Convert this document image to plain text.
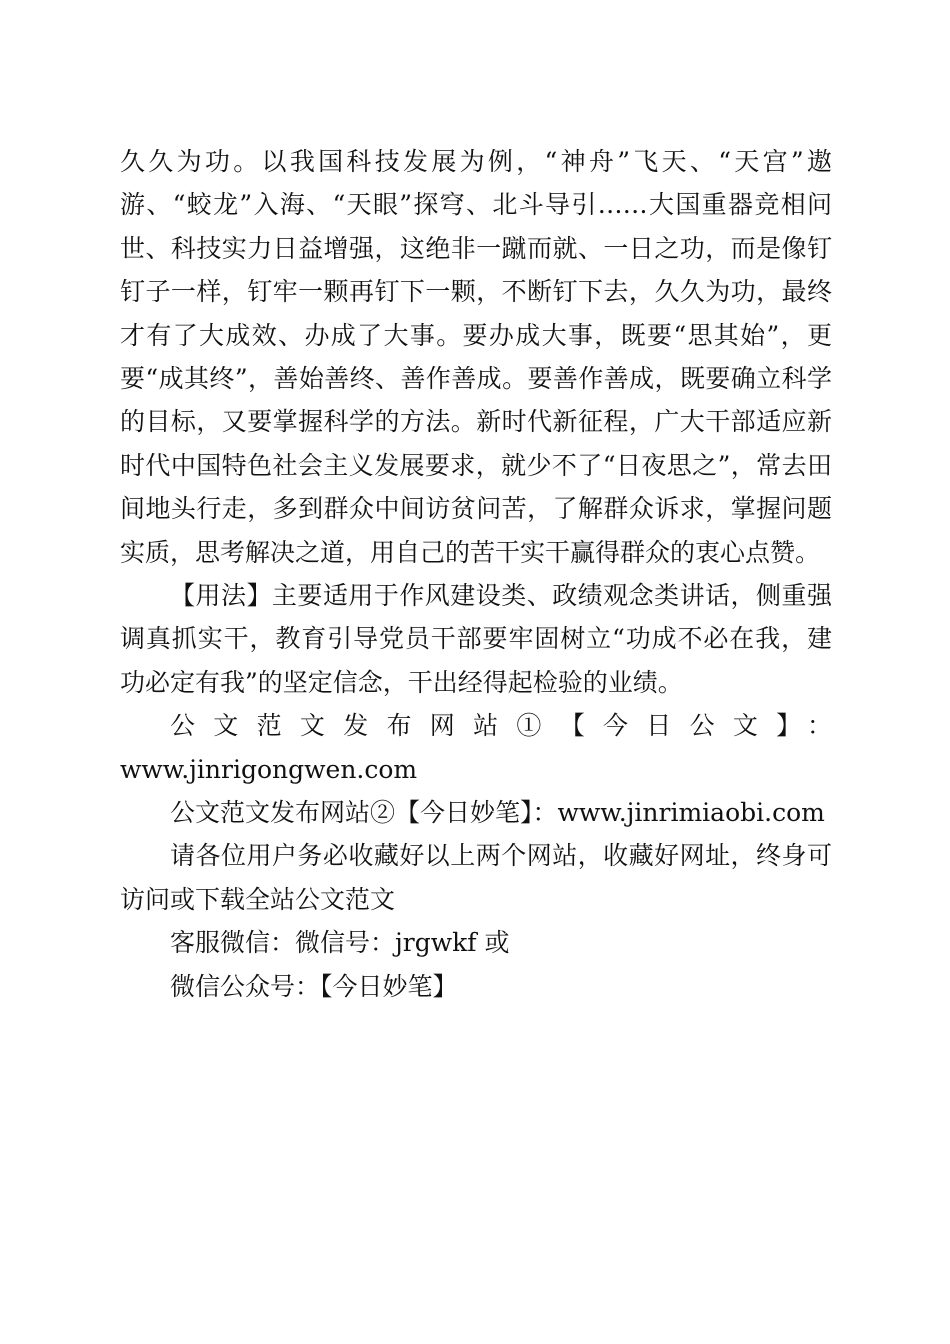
久久为功。以我国科技发展为例，“神舟”飞天、“天宫”遨游、“蛟龙”入海、“天眼”探穹、北斗导引……大国重器竞相问世、科技实力日益增强，这绝非一蹴而就、一日之功，而是像钉钉子一样，钉牢一颗再钉下一颗，不断钉下去，久久为功，最终才有了大成效、办成了大事。要办成大事，既要“思其始”，更要“成其终”，善始善终、善作善成。要善作善成，既要确立科学的目标，又要掌握科学的方法。新时代新征程，广大干部适应新时代中国特色社会主义发展要求，就少不了“日夜思之”，常去田间地头行走，多到群众中间访贫问苦，了解群众诉求，掌握问题实质，思考解决之道，用自己的苦干实干赢得群众的衷心点赞。

【用法】主要适用于作风建设类、政绩观念类讲话，侧重强调真抓实干，教育引导党员干部要牢固树立“功成不必在我，建功必定有我”的坚定信念，干出经得起检验的业绩。

公文范文发布网站①【今日公文】：
www.jinrigongwen.com
公文范文发布网站②【今日妙笔】：www.jinrimiaobi.com

请各位用户务必收藏好以上两个网站，收藏好网址，终身可访问或下载全站公文范文

客服微信：微信号：jrgwkf 或
微信公众号：【今日妙笔】
